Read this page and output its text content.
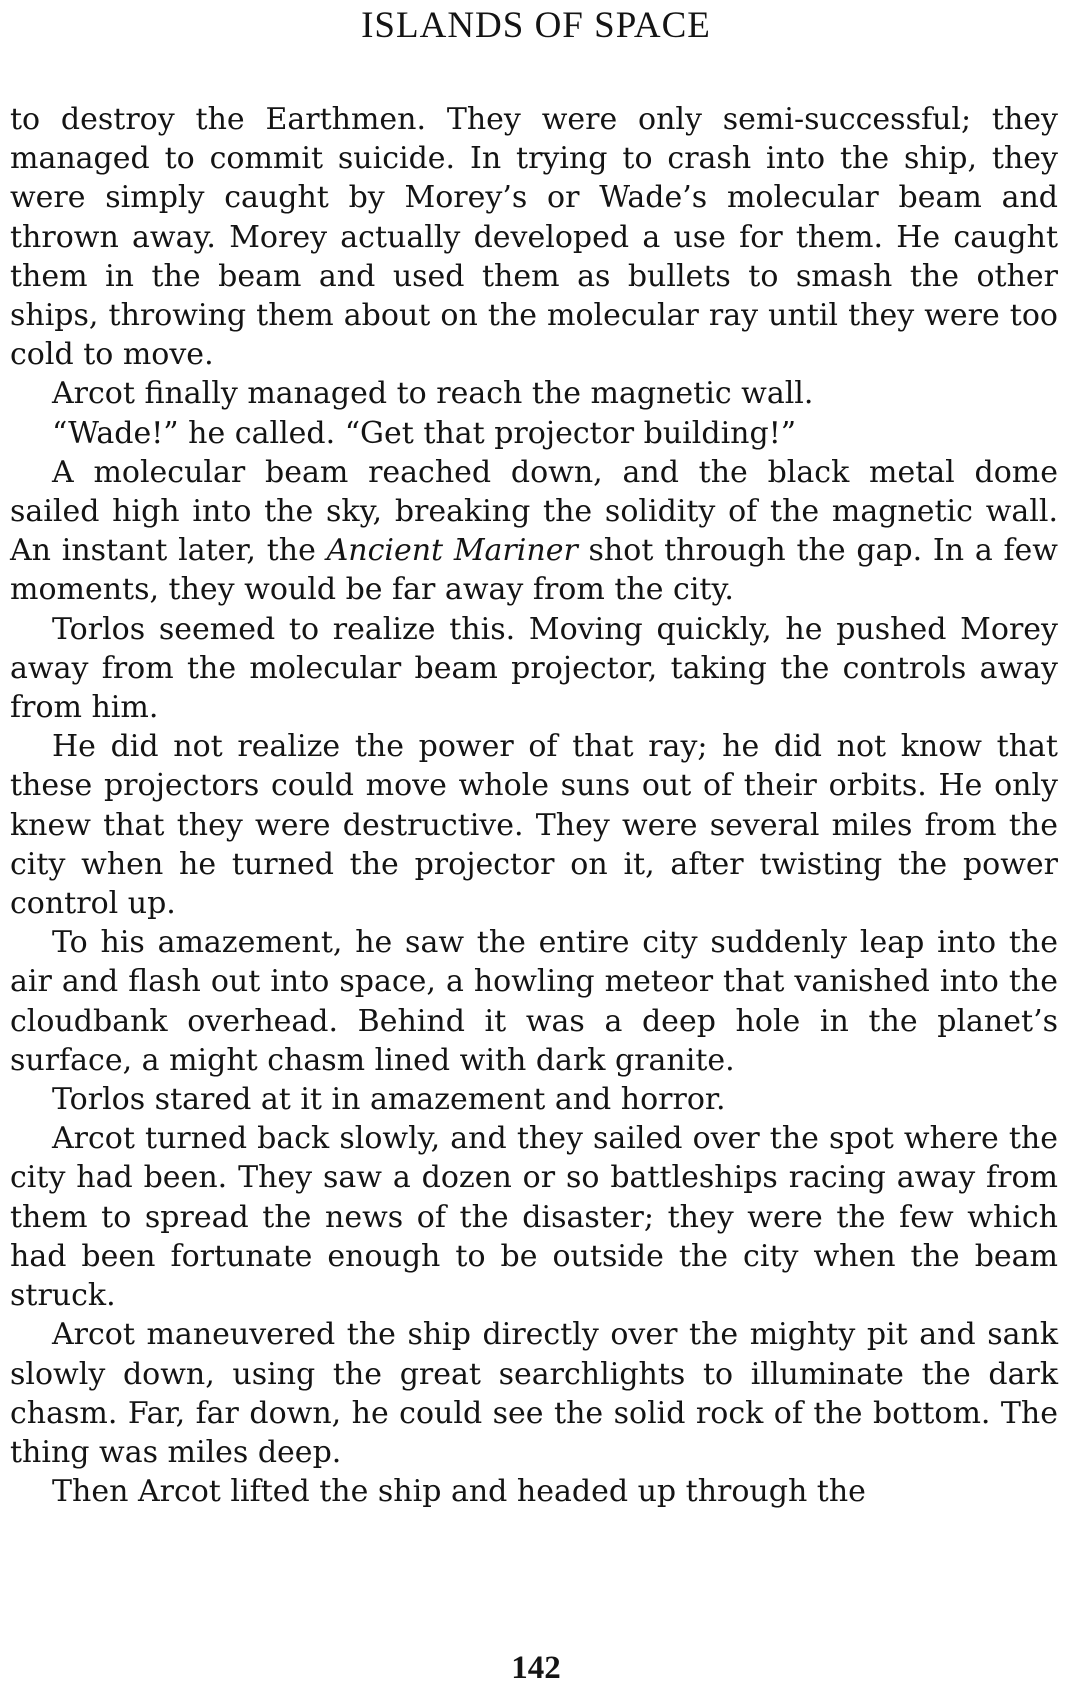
ISLANDS OF SPACE

to destroy the Earthmen. They were only semi-successful; they managed to commit suicide. In trying to crash into the ship, they were simply caught by Morey’s or Wade’s molecular beam and thrown away. Morey actually developed a use for them. He caught them in the beam and used them as bullets to smash the other ships, throwing them about on the molecular ray until they were too cold to move.

Arcot finally managed to reach the magnetic wall.

“Wade!” he called. “Get that projector building!”

A molecular beam reached down, and the black metal dome sailed high into the sky, breaking the solidity of the magnetic wall. An instant later, the Ancient Mariner shot through the gap. In a few moments, they would be far away from the city.

Torlos seemed to realize this. Moving quickly, he pushed Morey away from the molecular beam projector, taking the controls away from him.

He did not realize the power of that ray; he did not know that these projectors could move whole suns out of their orbits. He only knew that they were destructive. They were several miles from the city when he turned the projector on it, after twisting the power control up.

To his amazement, he saw the entire city suddenly leap into the air and flash out into space, a howling meteor that vanished into the cloudbank overhead. Behind it was a deep hole in the planet’s surface, a might chasm lined with dark granite.

Torlos stared at it in amazement and horror.

Arcot turned back slowly, and they sailed over the spot where the city had been. They saw a dozen or so battleships racing away from them to spread the news of the disaster; they were the few which had been fortunate enough to be outside the city when the beam struck.

Arcot maneuvered the ship directly over the mighty pit and sank slowly down, using the great searchlights to illuminate the dark chasm. Far, far down, he could see the solid rock of the bottom. The thing was miles deep.

Then Arcot lifted the ship and headed up through the

142
